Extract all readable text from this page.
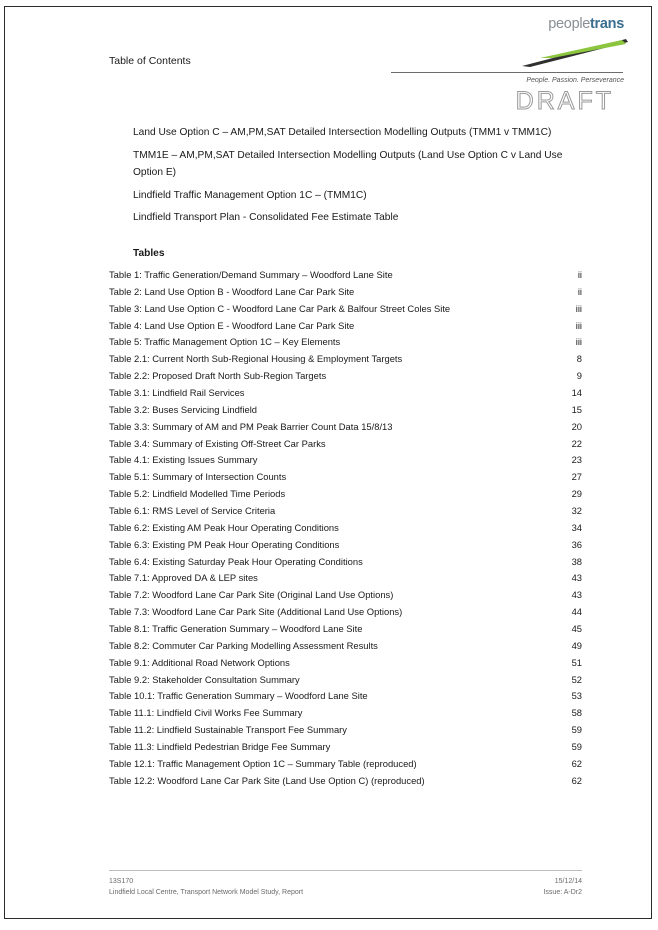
Table of Contents
peopletrans
People. Passion. Perseverance
DRAFT
Land Use Option C – AM,PM,SAT Detailed Intersection Modelling Outputs (TMM1 v TMM1C)
TMM1E – AM,PM,SAT Detailed Intersection Modelling Outputs (Land Use Option C v Land Use Option E)
Lindfield Traffic Management Option 1C – (TMM1C)
Lindfield Transport Plan - Consolidated Fee Estimate Table
Tables
Table 1: Traffic Generation/Demand Summary – Woodford Lane Site	ii
Table 2: Land Use Option B - Woodford Lane Car Park Site	ii
Table 3: Land Use Option C - Woodford Lane Car Park & Balfour Street Coles Site	iii
Table 4: Land Use Option E - Woodford Lane Car Park Site	iii
Table 5: Traffic Management Option 1C – Key Elements	iii
Table 2.1: Current North Sub-Regional Housing & Employment Targets	8
Table 2.2: Proposed Draft North Sub-Region Targets	9
Table 3.1: Lindfield Rail Services	14
Table 3.2: Buses Servicing Lindfield	15
Table 3.3: Summary of AM and PM Peak Barrier Count Data 15/8/13	20
Table 3.4: Summary of Existing Off-Street Car Parks	22
Table 4.1: Existing Issues Summary	23
Table 5.1: Summary of Intersection Counts	27
Table 5.2: Lindfield Modelled Time Periods	29
Table 6.1: RMS Level of Service Criteria	32
Table 6.2: Existing AM Peak Hour Operating Conditions	34
Table 6.3: Existing PM Peak Hour Operating Conditions	36
Table 6.4: Existing Saturday Peak Hour Operating Conditions	38
Table 7.1: Approved DA & LEP sites	43
Table 7.2: Woodford Lane Car Park Site (Original Land Use Options)	43
Table 7.3: Woodford Lane Car Park Site (Additional Land Use Options)	44
Table 8.1: Traffic Generation Summary – Woodford Lane Site	45
Table 8.2: Commuter Car Parking Modelling Assessment Results	49
Table 9.1: Additional Road Network Options	51
Table 9.2: Stakeholder Consultation Summary	52
Table 10.1: Traffic Generation Summary – Woodford Lane Site	53
Table 11.1: Lindfield Civil Works Fee Summary	58
Table 11.2: Lindfield Sustainable Transport Fee Summary	59
Table 11.3: Lindfield Pedestrian Bridge Fee Summary	59
Table 12.1: Traffic Management Option 1C – Summary Table (reproduced)	62
Table 12.2: Woodford Lane Car Park Site (Land Use Option C) (reproduced)	62
13S170
Lindfield Local Centre, Transport Network Model Study, Report
15/12/14
Issue: A-Dr2
